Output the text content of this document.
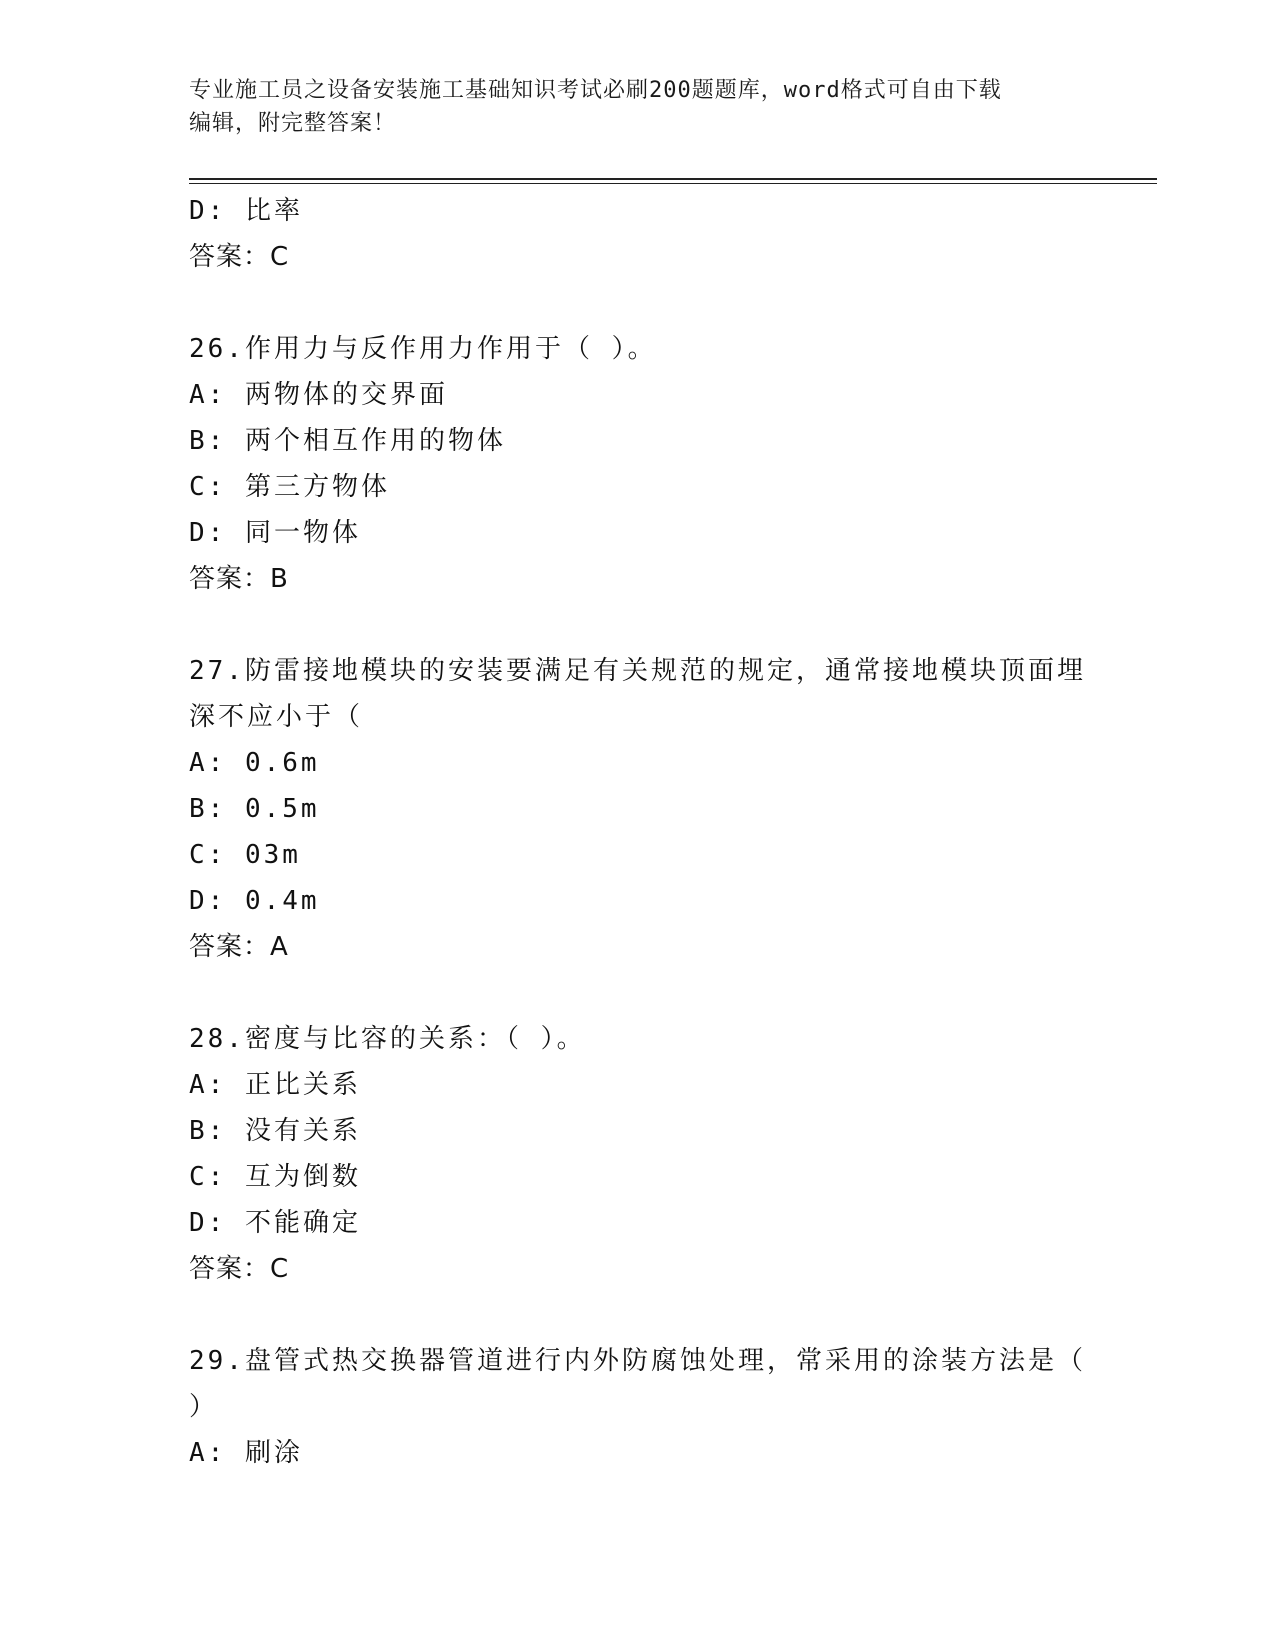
专业施工员之设备安装施工基础知识考试必刷200题题库，word格式可自由下载
编辑，附完整答案！
D: 比率
答案：C
26.作用力与反作用力作用于（ ）。
A: 两物体的交界面
B: 两个相互作用的物体
C: 第三方物体
D: 同一物体
答案：B
27.防雷接地模块的安装要满足有关规范的规定，通常接地模块顶面埋
深不应小于（
A: 0.6m
B: 0.5m
C: 03m
D: 0.4m
答案：A
28.密度与比容的关系：（ ）。
A: 正比关系
B: 没有关系
C: 互为倒数
D: 不能确定
答案：C
29.盘管式热交换器管道进行内外防腐蚀处理，常采用的涂装方法是（
）
A: 刷涂
